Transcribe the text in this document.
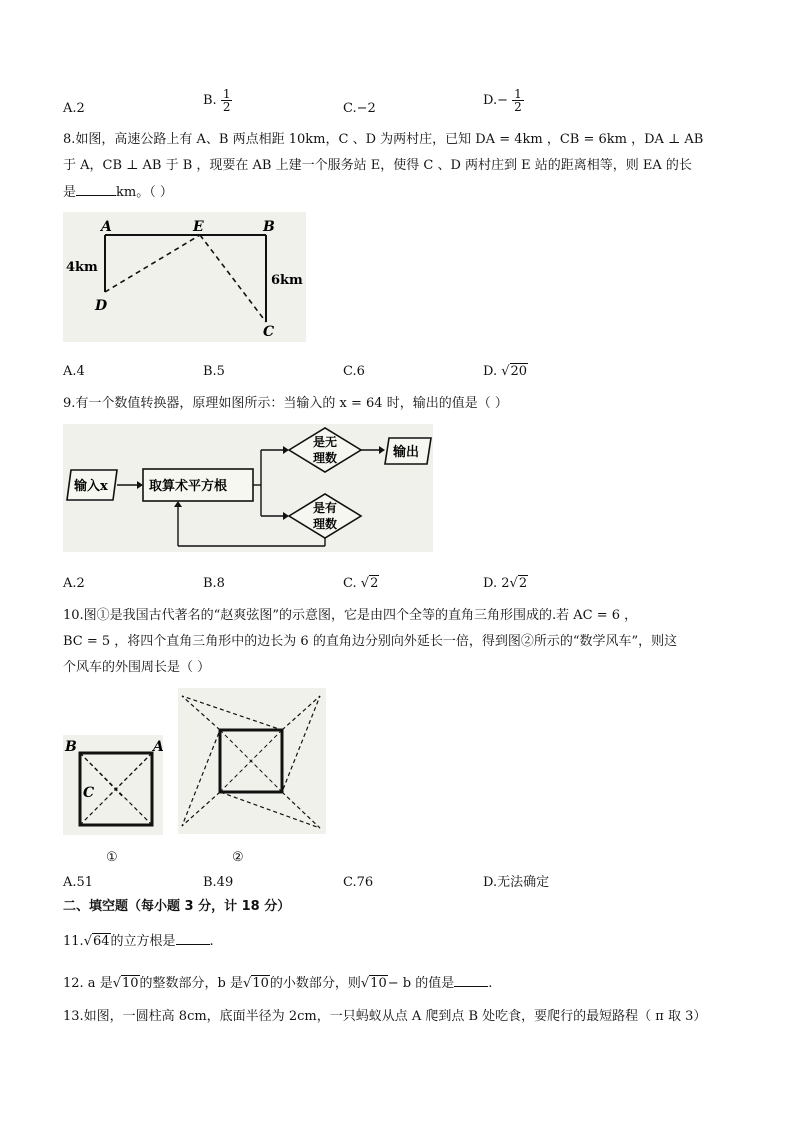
A.2
B. $\frac{1}{2}$	C.−2
$D.- \frac{1}{2}$
8.如图，高速公路上有 A、B 两点相距 10km，C 、D 为两村庄，已知 DA = 4km ，CB = 6km ，DA ⊥ AB
于 A，CB ⊥ AB 于 B ，现要在 AB 上建一个服务站 E，使得 C 、D 两村庄到 E 站的距离相等，则 EA 的长
是	km。（ ）
A	E	B
D
C
4km
6km
A.4	B.5	C.6	D. √20
9.有一个数值转换器，原理如图所示：当输入的 x = 64 时，输出的值是（ ）
输入x	取算术平方根
是无
理数
是有
理数
输出
A.2	B.8	C. √2	D. 2√2
10.图①是我国古代著名的“赵爽弦图”的示意图，它是由四个全等的直角三角形围成的.若 AC = 6 ，
BC = 5 ，将四个直角三角形中的边长为 6 的直角边分别向外延长一倍，得到图②所示的“数学风车”，则这
个风车的外围周长是（ ）
B	A
C
①	②
A.51	B.49	C.76	D.无法确定
二、填空题（每小题 3 分，计 18 分）
11.√64的立方根是	.
12. a 是√10的整数部分，b 是√10的小数部分，则√10− b 的值是	.
13.如图，一圆柱高 8cm，底面半径为 2cm，一只蚂蚁从点 A 爬到点 B 处吃食，要爬行的最短路程（ π 取 3）
